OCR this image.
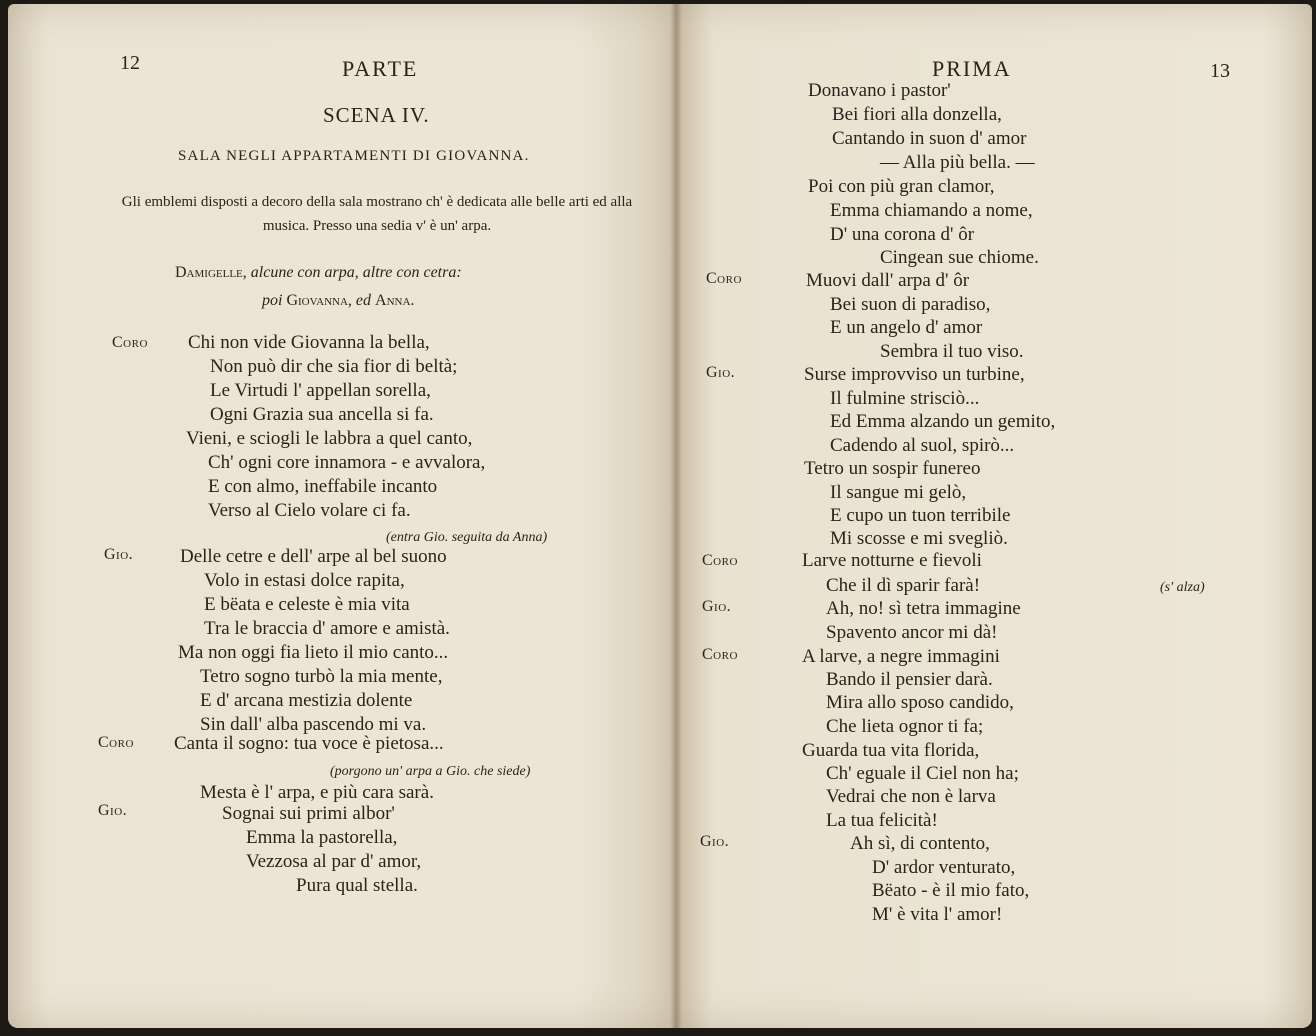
12	PARTE
SCENA IV.
SALA NEGLI APPARTAMENTI DI GIOVANNA.
Gli emblemi disposti a decoro della sala mostrano ch' è dedicata alle belle arti ed alla musica. Presso una sedia v' è un' arpa.
Damigelle, alcune con arpa, altre con cetra:
poi Giovanna, ed Anna.
Coro Chi non vide Giovanna la bella,
Non può dir che sia fior di beltà;
Le Virtudi l' appellan sorella,
Ogni Grazia sua ancella si fa.
Vieni, e sciogli le labbra a quel canto,
Ch' ogni core innamora - e avvalora,
E con almo, ineffabile incanto
Verso al Cielo volare ci fa.
(entra Gio. seguita da Anna)
Gio. Delle cetre e dell' arpe al bel suono
Volo in estasi dolce rapita,
E bëata e celeste è mia vita
Tra le braccia d' amore e amistà.
Ma non oggi fia lieto il mio canto...
Tetro sogno turbò la mia mente,
E d' arcana mestizia dolente
Sin dall' alba pascendo mi va.
Coro Canta il sogno: tua voce è pietosa...
(porgono un' arpa a Gio. che siede)
Mesta è l' arpa, e più cara sarà.
Gio.	Sognai sui primi albor'
Emma la pastorella,
Vezzosa al par d' amor,
Pura qual stella.
PRIMA	13
Donavano i pastor'
Bei fiori alla donzella,
Cantando in suon d' amor
— Alla più bella. —
Poi con più gran clamor,
Emma chiamando a nome,
D' una corona d' ôr
Cingean sue chiome.
Coro	Muovi dall' arpa d' ôr
Bei suon di paradiso,
E un angelo d' amor
Sembra il tuo viso.
Gio.	Surse improvviso un turbine,
Il fulmine strisciò...
Ed Emma alzando un gemito,
Cadendo al suol, spirò...
Tetro un sospir funereo
Il sangue mi gelò,
E cupo un tuon terribile
Mi scosse e mi svegliò.
Coro	Larve notturne e fievoli
Che il dì sparir farà!	(s' alza)
Gio.	Ah, no! sì tetra immagine
Spavento ancor mi dà!
Coro	A larve, a negre immagini
Bando il pensier darà.
Mira allo sposo candido,
Che lieta ognor ti fa;
Guarda tua vita florida,
Ch' eguale il Ciel non ha;
Vedrai che non è larva
La tua felicità!
Gio.	Ah sì, di contento,
D' ardor venturato,
Bëato - è il mio fato,
M' è vita l' amor!
